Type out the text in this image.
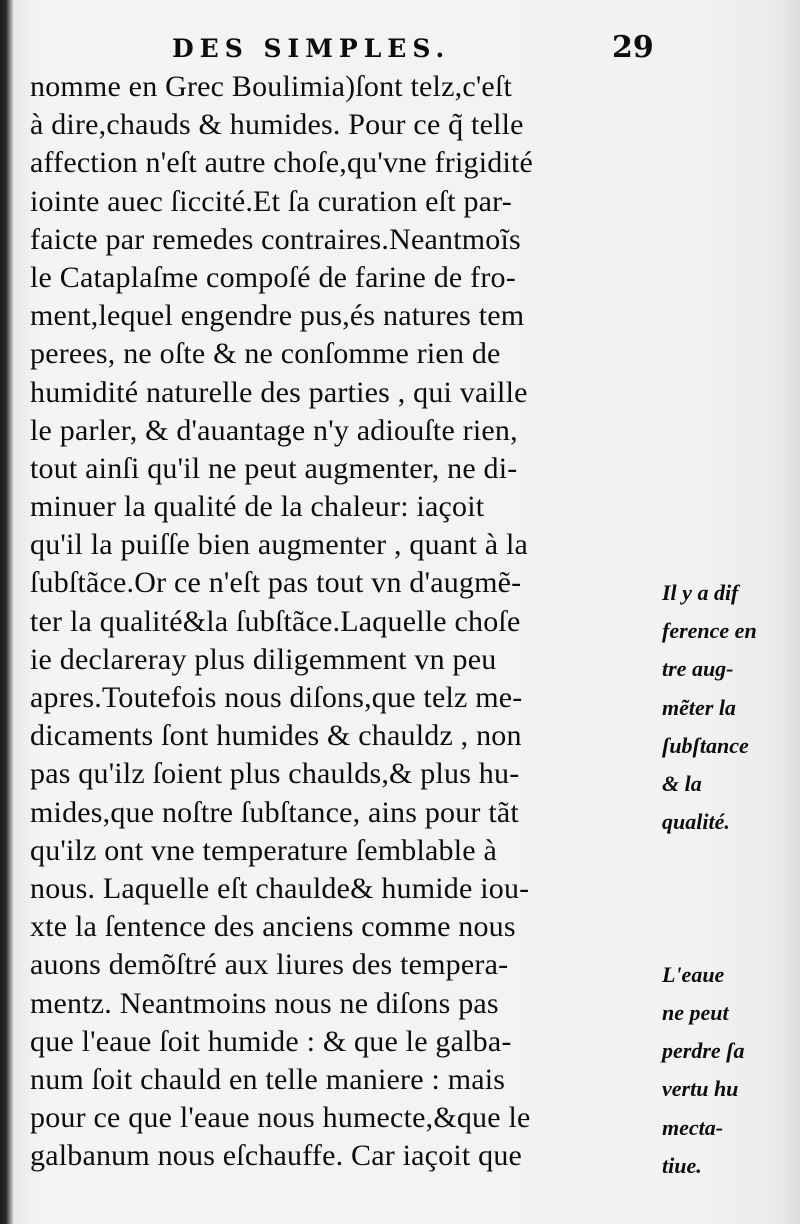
DES SIMPLES.	29
nomme en Grec Boulimia)ſont telz,c'eſt
à dire,chauds & humides. Pour ce q̃ telle
affection n'eſt autre choſe,qu'vne frigidité
iointe auec ſiccité.Et ſa curation eſt par-
faicte par remedes contraires.Neantmoĩs
le Cataplaſme compoſé de farine de fro-
ment,lequel engendre pus,és natures tem
perees, ne oſte & ne conſomme rien de
humidité naturelle des parties , qui vaille
le parler, & d'auantage n'y adiouſte rien,
tout ainſi qu'il ne peut augmenter, ne di-
minuer la qualité de la chaleur: iaçoit
qu'il la puiſſe bien augmenter , quant à la
ſubſtãce.Or ce n'eſt pas tout vn d'augmẽ-
ter la qualité&la ſubſtãce.Laquelle choſe
ie declareray plus diligemment vn peu
apres.Toutefois nous diſons,que telz me-
dicaments ſont humides & chauldz , non
pas qu'ilz ſoient plus chaulds,& plus hu-
mides,que noſtre ſubſtance, ains pour tãt
qu'ilz ont vne temperature ſemblable à
nous. Laquelle eſt chaulde& humide iou-
xte la ſentence des anciens comme nous
auons demõſtré aux liures des tempera-
mentz. Neantmoins nous ne diſons pas
que l'eaue ſoit humide : & que le galba-
num ſoit chauld en telle maniere : mais
pour ce que l'eaue nous humecte,&que le
galbanum nous eſchauffe. Car iaçoit que
Il y a dif
ference en
tre aug-
mẽter la
ſubſtance
& la
qualité.
L'eaue
ne peut
perdre ſa
vertu hu
mecta-
tiue.
